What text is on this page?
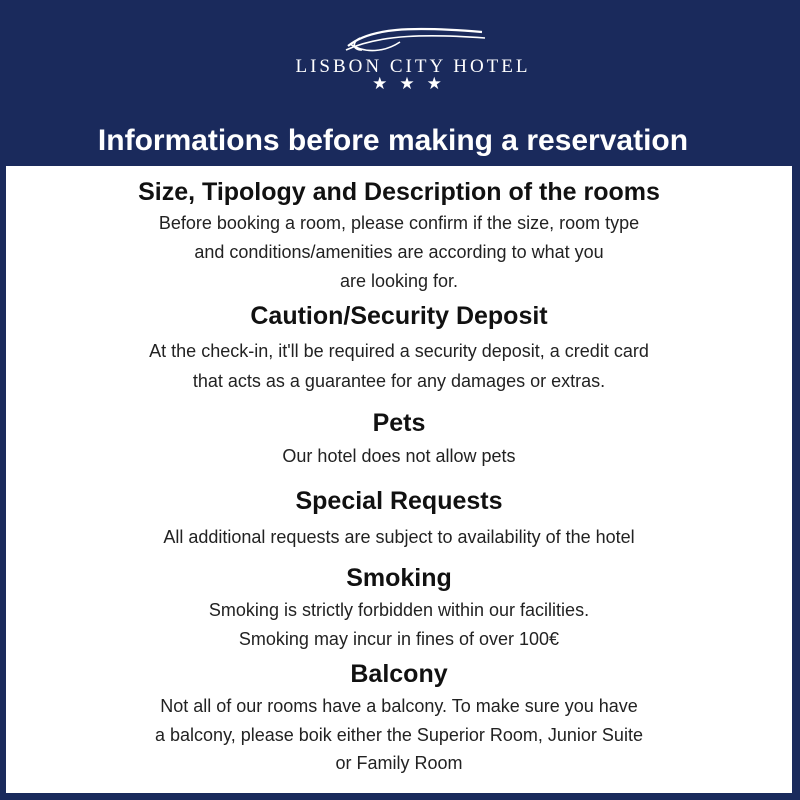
LISBON CITY HOTEL
★★★
Informations before making a reservation
Size, Tipology and Description of the rooms
Before booking a room, please confirm if the size, room type
and conditions/amenities are according to what you
are looking for.
Caution/Security Deposit
At the check-in, it'll be required a security deposit, a credit card
that acts as a guarantee for any damages or extras.
Pets
Our hotel does not allow pets
Special Requests
All additional requests are subject to availability of the hotel
Smoking
Smoking is strictly forbidden within our facilities.
Smoking may incur in fines of over 100€
Balcony
Not all of our rooms have a balcony. To make sure you have
a balcony, please boik either the Superior Room, Junior Suite
or Family Room
